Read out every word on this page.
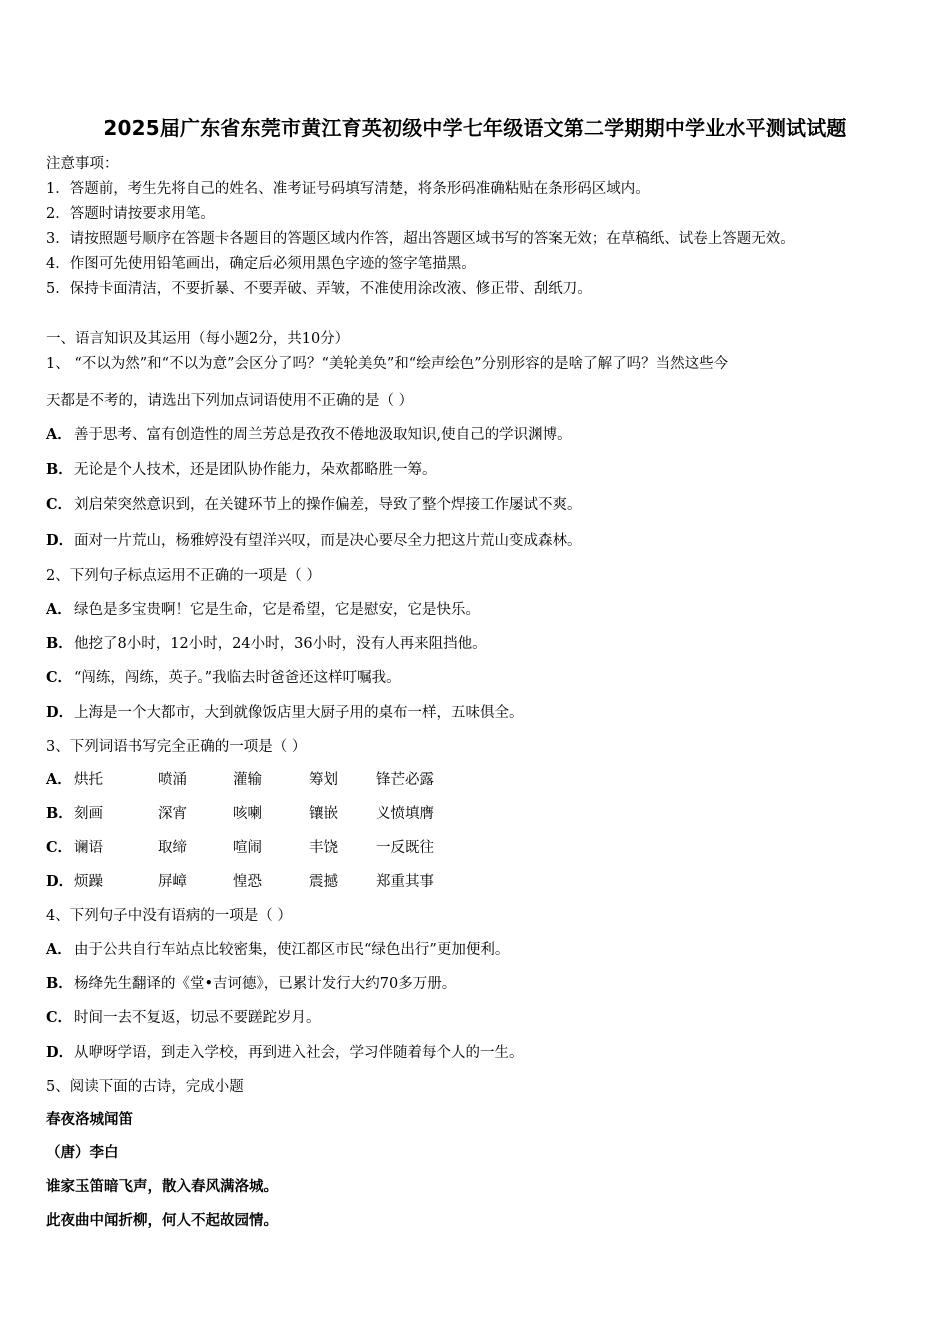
2025届广东省东莞市黄江育英初级中学七年级语文第二学期期中学业水平测试试题
注意事项：
1．答题前，考生先将自己的姓名、准考证号码填写清楚，将条形码准确粘贴在条形码区域内。
2．答题时请按要求用笔。
3．请按照题号顺序在答题卡各题目的答题区域内作答，超出答题区域书写的答案无效；在草稿纸、试卷上答题无效。
4．作图可先使用铅笔画出，确定后必须用黑色字迹的签字笔描黑。
5．保持卡面清洁，不要折暴、不要弄破、弄皱，不准使用涂改液、修正带、刮纸刀。
一、语言知识及其运用（每小题2分，共10分）
1、 “不以为然”和“不以为意”会区分了吗？“美轮美奂”和“绘声绘色”分别形容的是啥了解了吗？当然这些今
天都是不考的，请选出下列加点词语使用不正确的是（ ）
A． 善于思考、富有创造性的周兰芳总是孜孜不倦地汲取知识,使自己的学识渊博。
B．无论是个人技术，还是团队协作能力，朵欢都略胜一筹。
C． 刘启荣突然意识到，在关键环节上的操作偏差，导致了整个焊接工作屡试不爽。
D．面对一片荒山，杨雅婷没有望洋兴叹，而是决心要尽全力把这片荒山变成森林。
2、下列句子标点运用不正确的一项是（ ）
A． 绿色是多宝贵啊！它是生命，它是希望，它是慰安，它是快乐。
B．他挖了8小时，12小时，24小时，36小时，没有人再来阻挡他。
C． “闯练，闯练，英子。”我临去时爸爸还这样叮嘱我。
D．上海是一个大都市，大到就像饭店里大厨子用的桌布一样，五味俱全。
3、下列词语书写完全正确的一项是（ ）
A． 烘托	喷涌	灌输	筹划	锋芒必露
B． 刻画	深宵	咳喇	镶嵌	义愤填膺
C． 谰语	取缔	喧闹	丰饶	一反既往
D． 烦躁	屏嶂	惶恐	震撼	郑重其事
4、下列句子中没有语病的一项是（ ）
A． 由于公共自行车站点比较密集，使江都区市民“绿色出行”更加便利。
B．杨绛先生翻译的《堂•吉诃德》，已累计发行大约70多万册。
C． 时间一去不复返，切忌不要蹉跎岁月。
D．从咿呀学语，到走入学校，再到进入社会，学习伴随着每个人的一生。
5、阅读下面的古诗，完成小题
春夜洛城闻笛
（唐）李白
谁家玉笛暗飞声，散入春风满洛城。
此夜曲中闻折柳，何人不起故园情。
